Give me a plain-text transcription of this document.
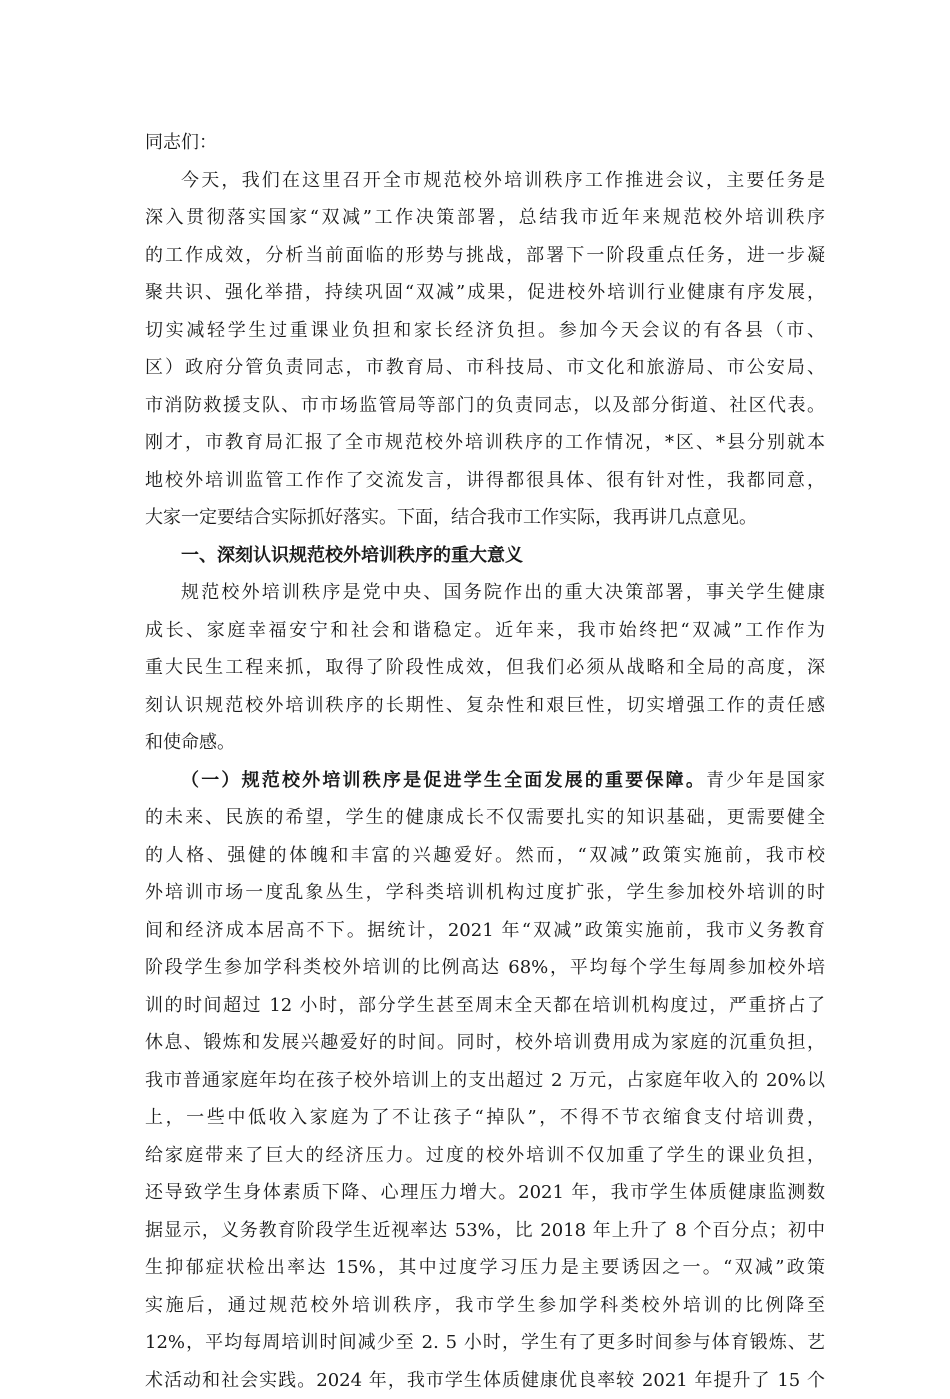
同志们：
今天，我们在这里召开全市规范校外培训秩序工作推进会议，主要任务是
深入贯彻落实国家“双减”工作决策部署，总结我市近年来规范校外培训秩序
的工作成效，分析当前面临的形势与挑战，部署下一阶段重点任务，进一步凝
聚共识、强化举措，持续巩固“双减”成果，促进校外培训行业健康有序发展，
切实减轻学生过重课业负担和家长经济负担。参加今天会议的有各县（市、
区）政府分管负责同志，市教育局、市科技局、市文化和旅游局、市公安局、
市消防救援支队、市市场监管局等部门的负责同志，以及部分街道、社区代表。
刚才，市教育局汇报了全市规范校外培训秩序的工作情况，*区、*县分别就本
地校外培训监管工作作了交流发言，讲得都很具体、很有针对性，我都同意，
大家一定要结合实际抓好落实。下面，结合我市工作实际，我再讲几点意见。
一、深刻认识规范校外培训秩序的重大意义
规范校外培训秩序是党中央、国务院作出的重大决策部署，事关学生健康
成长、家庭幸福安宁和社会和谐稳定。近年来，我市始终把“双减”工作作为
重大民生工程来抓，取得了阶段性成效，但我们必须从战略和全局的高度，深
刻认识规范校外培训秩序的长期性、复杂性和艰巨性，切实增强工作的责任感
和使命感。
（一）规范校外培训秩序是促进学生全面发展的重要保障。青少年是国家
的未来、民族的希望，学生的健康成长不仅需要扎实的知识基础，更需要健全
的人格、强健的体魄和丰富的兴趣爱好。然而，“双减”政策实施前，我市校
外培训市场一度乱象丛生，学科类培训机构过度扩张，学生参加校外培训的时
间和经济成本居高不下。据统计，2021 年“双减”政策实施前，我市义务教育
阶段学生参加学科类校外培训的比例高达 68%，平均每个学生每周参加校外培
训的时间超过 12 小时，部分学生甚至周末全天都在培训机构度过，严重挤占了
休息、锻炼和发展兴趣爱好的时间。同时，校外培训费用成为家庭的沉重负担，
我市普通家庭年均在孩子校外培训上的支出超过 2 万元，占家庭年收入的 20%以
上，一些中低收入家庭为了不让孩子“掉队”，不得不节衣缩食支付培训费，
给家庭带来了巨大的经济压力。过度的校外培训不仅加重了学生的课业负担，
还导致学生身体素质下降、心理压力增大。2021 年，我市学生体质健康监测数
据显示，义务教育阶段学生近视率达 53%，比 2018 年上升了 8 个百分点；初中
生抑郁症状检出率达 15%，其中过度学习压力是主要诱因之一。“双减”政策
实施后，通过规范校外培训秩序，我市学生参加学科类校外培训的比例降至
12%，平均每周培训时间减少至 2. 5 小时，学生有了更多时间参与体育锻炼、艺
术活动和社会实践。2024 年，我市学生体质健康优良率较 2021 年提升了 15 个
